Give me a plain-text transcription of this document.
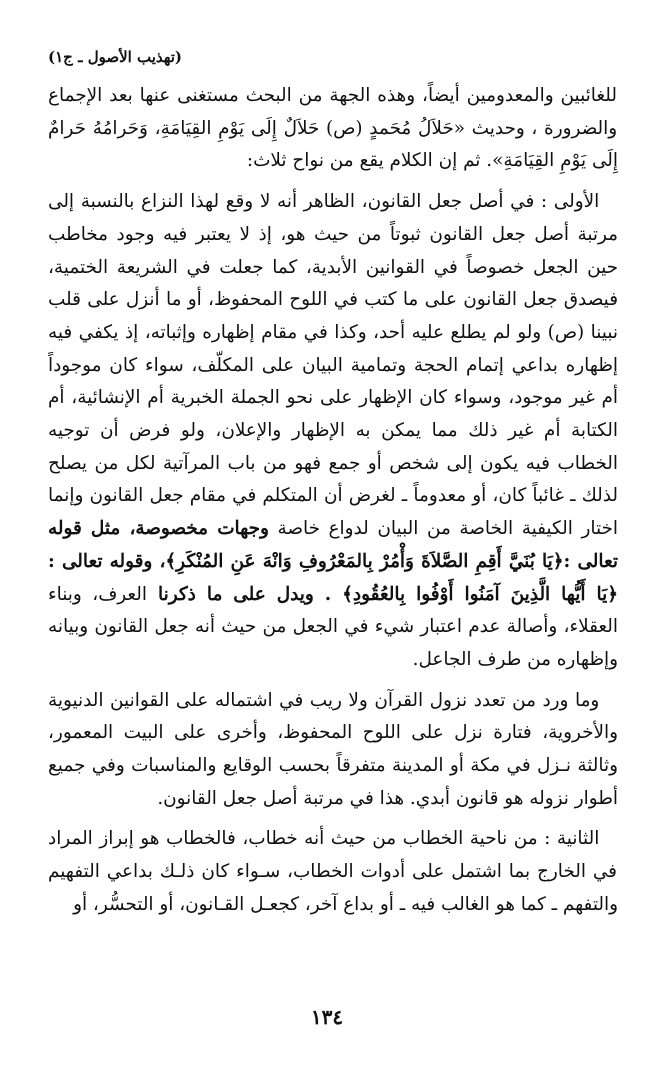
(تهذيب الأصول ـ ج١)

للغائبين والمعدومين أيضاً، وهذه الجهة من البحث مستغنى عنها بعد الإجماع والضرورة ، وحديث «حَلاَلُ مُحَمدٍ (ص) حَلاَلٌ إِلَى يَوْمِ القِيَامَةِ، وَحَرامُهُ حَرامٌ إِلَى يَوْمِ القِيَامَةِ». ثم إن الكلام يقع من نواح ثلاث:

الأولى : في أصل جعل القانون، الظاهر أنه لا وقع لهذا النزاع بالنسبة إلى مرتبة أصل جعل القانون ثبوتاً من حيث هو، إذ لا يعتبر فيه وجود مخاطب حين الجعل خصوصاً في القوانين الأبدية، كما جعلت في الشريعة الختمية، فيصدق جعل القانون على ما كتب في اللوح المحفوظ، أو ما أنزل على قلب نبينا (ص) ولو لم يطلع عليه أحد، وكذا في مقام إظهاره وإثباته، إذ يكفي فيه إظهاره بداعي إتمام الحجة وتمامية البيان على المكلّف، سواء كان موجوداً أم غير موجود، وسواء كان الإظهار على نحو الجملة الخبرية أم الإنشائية، أم الكتابة أم غير ذلك مما يمكن به الإظهار والإعلان، ولو فرض أن توجيه الخطاب فيه يكون إلى شخص أو جمع فهو من باب المرآتية لكل من يصلح لذلك ـ غائباً كان، أو معدوماً ـ لغرض أن المتكلم في مقام جعل القانون وإنما اختار الكيفية الخاصة من البيان لدواع خاصة وجهات مخصوصة، مثل قوله تعالى :﴿يَا بُنَيَّ أَقِمِ الصَّلاَةَ وَأْمُرْ بِالمَعْرُوفِ وَانْهَ عَنِ المُنْكَرِ﴾، وقوله تعالى : ﴿يَا أَيُّها الَّذِينَ آمَنُوا أَوْفُوا بِالعُقُودِ﴾ . ويدل على ما ذكرنا العرف، وبناء العقلاء، وأصالة عدم اعتبار شيء في الجعل من حيث أنه جعل القانون وبيانه وإظهاره من طرف الجاعل.

وما ورد من تعدد نزول القرآن ولا ريب في اشتماله على القوانين الدنيوية والأخروية، فتارة نزل على اللوح المحفوظ، وأخرى على البيت المعمور، وثالثة نـزل في مكة أو المدينة متفرقاً بحسب الوقايع والمناسبات وفي جميع أطوار نزوله هو قانون أبدي. هذا في مرتبة أصل جعل القانون.

الثانية : من ناحية الخطاب من حيث أنه خطاب، فالخطاب هو إبراز المراد في الخارج بما اشتمل على أدوات الخطاب، سـواء كان ذلـك بداعي التفهيم والتفهم ـ كما هو الغالب فيه ـ أو بداع آخر، كجعـل القـانون، أو التحسُّر، أو

١٣٤
